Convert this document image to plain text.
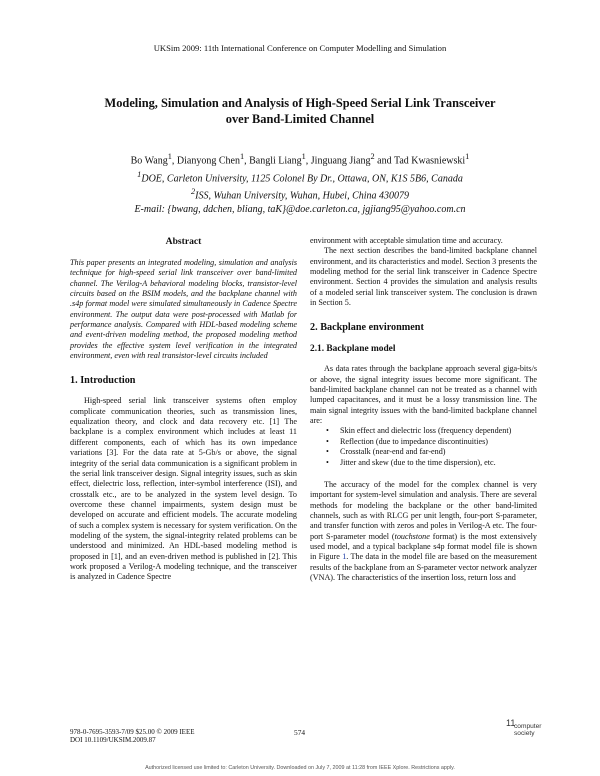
UKSim 2009: 11th International Conference on Computer Modelling and Simulation
Modeling, Simulation and Analysis of High-Speed Serial Link Transceiver
over Band-Limited Channel
Bo Wang$^1$, Dianyong Chen$^1$, Bangli Liang$^1$, Jinguang Jiang$^2$ and Tad Kwasniewski$^1$
$^1$DOE, Carleton University, 1125 Colonel By Dr., Ottawa, ON, K1S 5B6, Canada
$^2$ISS, Wuhan University, Wuhan, Hubei, China 430079
E-mail: {bwang, ddchen, bliang, taK}@doe.carleton.ca, jgjiang95@yahoo.com.cn
Abstract

This paper presents an integrated modeling, simulation and analysis technique for high-speed serial link transceiver over band-limited channel. The Verilog-A behavioral modeling blocks, transistor-level circuits based on the BSIM models, and the backplane channel with .s4p format model were simulated simultaneously in Cadence Spectre environment. The output data were post-processed with Matlab for performance analysis. Compared with HDL-based modeling scheme and event-driven modeling method, the proposed modeling method provides the effective system level verification in the integrated environment, even with real transistor-level circuits included

1. Introduction

High-speed serial link transceiver systems often employ complicate communication theories, such as transmission lines, equalization theory, and clock and data recovery etc. [1] The backplane is a complex environment which includes at least 11 different components, each of which has its own impedance variations [3]. For the data rate at 5-Gb/s or above, the signal integrity of the serial data communication is a significant problem in the serial link transceiver design. Signal integrity issues, such as skin effect, dielectric loss, reflection, inter-symbol interference (ISI), and crosstalk etc., are to be analyzed in the system level design. To overcome these channel impairments, system design must be developed on accurate and efficient models. The accurate modeling of such a complex system is necessary for system verification. On the modeling of the system, the signal-integrity related problems can be understood and minimized. An HDL-based modeling method is proposed in [1], and an even-driven method is published in [2]. This work proposed a Verilog-A modeling technique, and the transceiver is analyzed in Cadence Spectre

environment with acceptable simulation time and accuracy.

The next section describes the band-limited backplane channel environment, and its characteristics and model. Section 3 presents the modeling method for the serial link transceiver in Cadence Spectre environment. Section 4 provides the simulation and analysis results of a modeled serial link transceiver system. The conclusion is drawn in Section 5.

2. Backplane environment
2.1. Backplane model

As data rates through the backplane approach several giga-bits/s or above, the signal integrity issues become more significant. The band-limited backplane channel can not be treated as a channel with lumped capacitances, and it must be a lossy transmission line. The main signal integrity issues with the band-limited backplane channel are:

• Skin effect and dielectric loss (frequency dependent)
• Reflection (due to impedance discontinuities)
• Crosstalk (near-end and far-end)
• Jitter and skew (due to the time dispersion), etc.

The accuracy of the model for the complex channel is very important for system-level simulation and analysis. There are several methods for modeling the backplane or the other band-limited channels, such as with RLCG per unit length, four-port S-parameter, and transfer function with zeros and poles in Verilog-A etc. The four-port S-parameter model (touchstone format) is the most extensively used model, and a typical backplane s4p format model file is shown in Figure 1. The data in the model file are based on the measurement results of the backplane from an S-parameter vector network analyzer (VNA). The characteristics of the insertion loss, return loss and

978-0-7695-3593-7/09 $25.00 © 2009 IEEE
DOI 10.1109/UKSIM.2009.87
574
11
computer
society
Authorized licensed use limited to: Carleton University. Downloaded on July 7, 2009 at 11:28 from IEEE Xplore. Restrictions apply.
